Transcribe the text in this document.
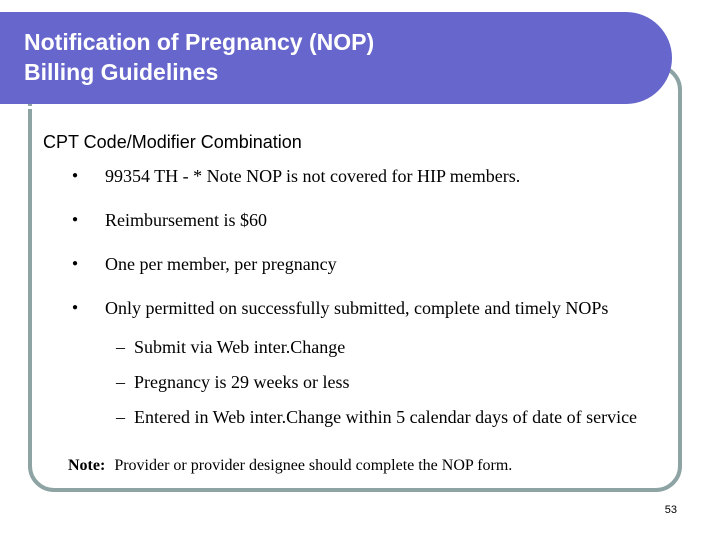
Notification of Pregnancy (NOP)
Billing Guidelines
CPT Code/Modifier Combination
●	99354 TH - * Note NOP is not covered for HIP members.
●	Reimbursement is $60
●	One per member, per pregnancy
●	Only permitted on successfully submitted, complete and timely NOPs
– Submit via Web inter.Change
– Pregnancy is 29 weeks or less
– Entered in Web inter.Change within 5 calendar days of date of service
Note: Provider or provider designee should complete the NOP form.
53
